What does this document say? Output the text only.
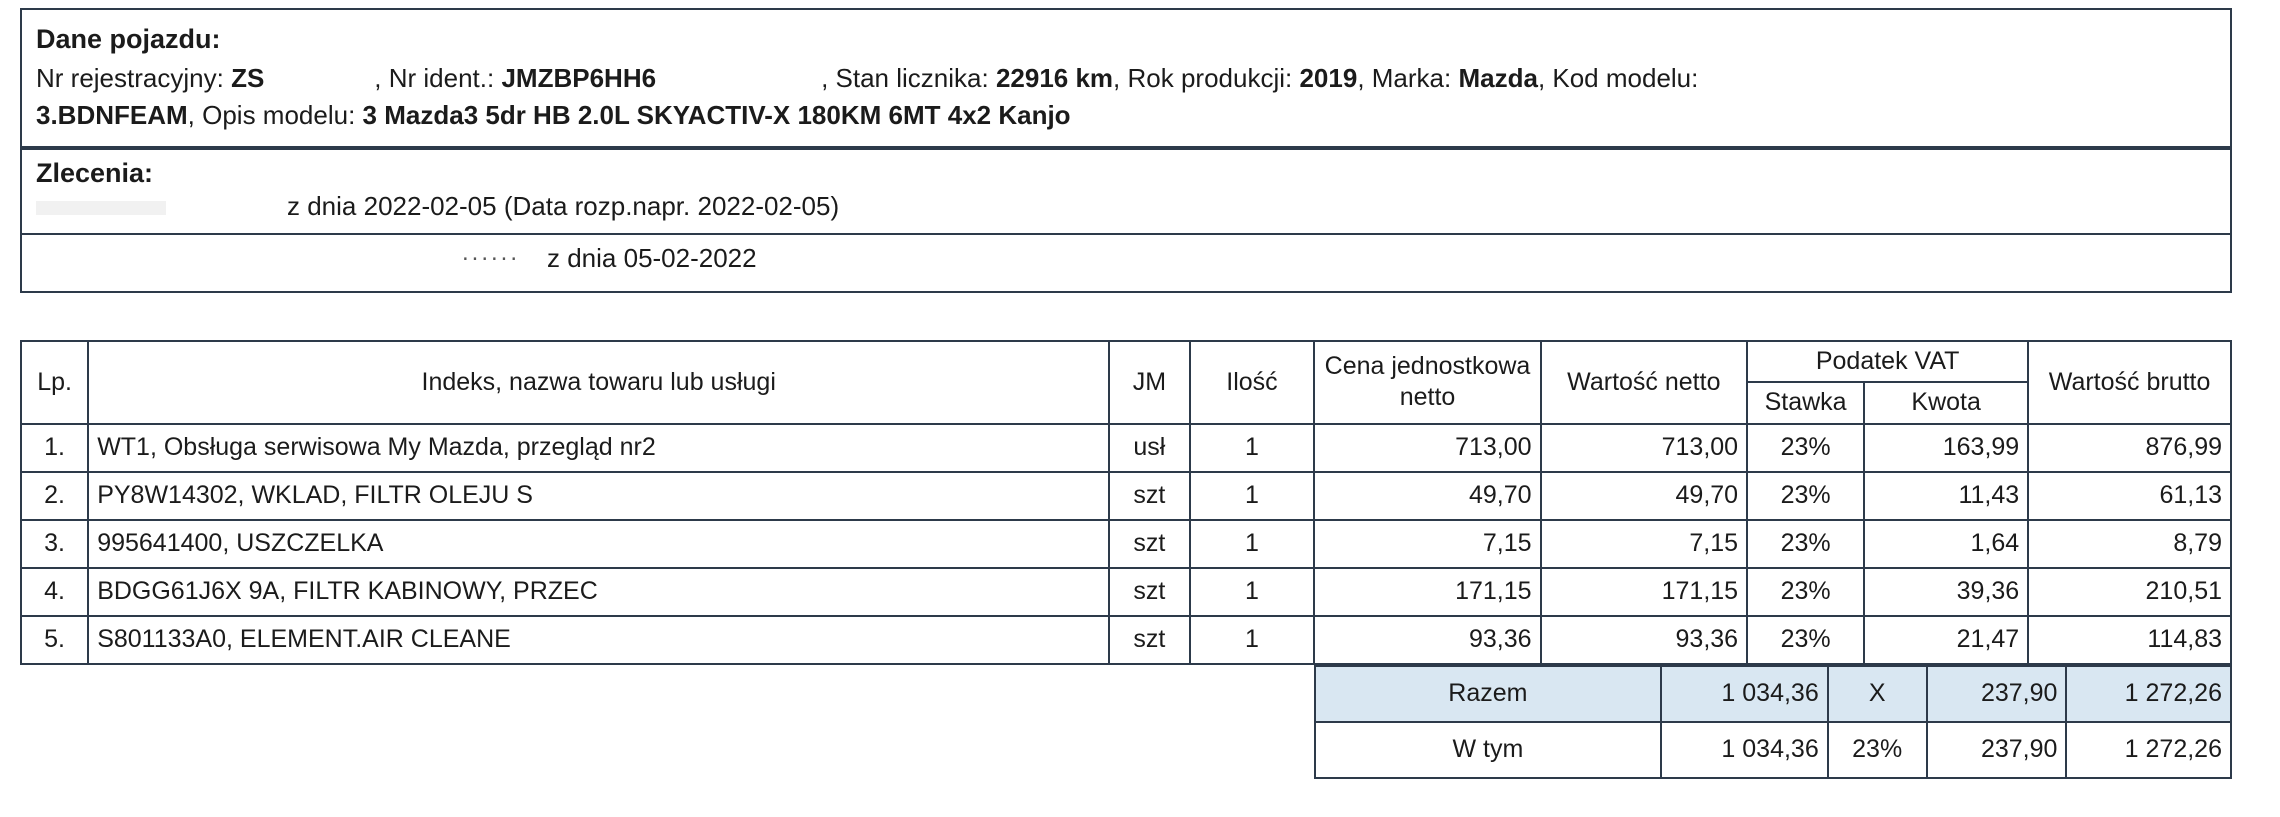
Dane pojazdu:
Nr rejestracyjny: ZS	, Nr ident.: JMZBP6HH6	, Stan licznika: 22916 km, Rok produkcji: 2019, Marka: Mazda, Kod modelu:
3.BDNFEAM, Opis modelu: 3 Mazda3 5dr HB 2.0L SKYACTIV-X 180KM 6MT 4x2 Kanjo
Zlecenia:
z dnia 2022-02-05 (Data rozp.napr. 2022-02-05)
...... z dnia 05-02-2022
Lp.	Indeks, nazwa towaru lub usługi	JM	Ilość	Cena jednostkowa netto	Wartość netto	Podatek VAT		Wartość brutto
						Stawka	Kwota	
1.	WT1, Obsługa serwisowa My Mazda, przegląd nr2	usł	1	713,00	713,00	23%	163,99	876,99
2.	PY8W14302, WKLAD, FILTR OLEJU S	szt	1	49,70	49,70	23%	11,43	61,13
3.	995641400, USZCZELKA	szt	1	7,15	7,15	23%	1,64	8,79
4.	BDGG61J6X 9A, FILTR KABINOWY, PRZEC	szt	1	171,15	171,15	23%	39,36	210,51
5.	S801133A0, ELEMENT.AIR CLEANE	szt	1	93,36	93,36	23%	21,47	114,83
Razem	1 034,36	X	237,90	1 272,26
W tym	1 034,36	23%	237,90	1 272,26
